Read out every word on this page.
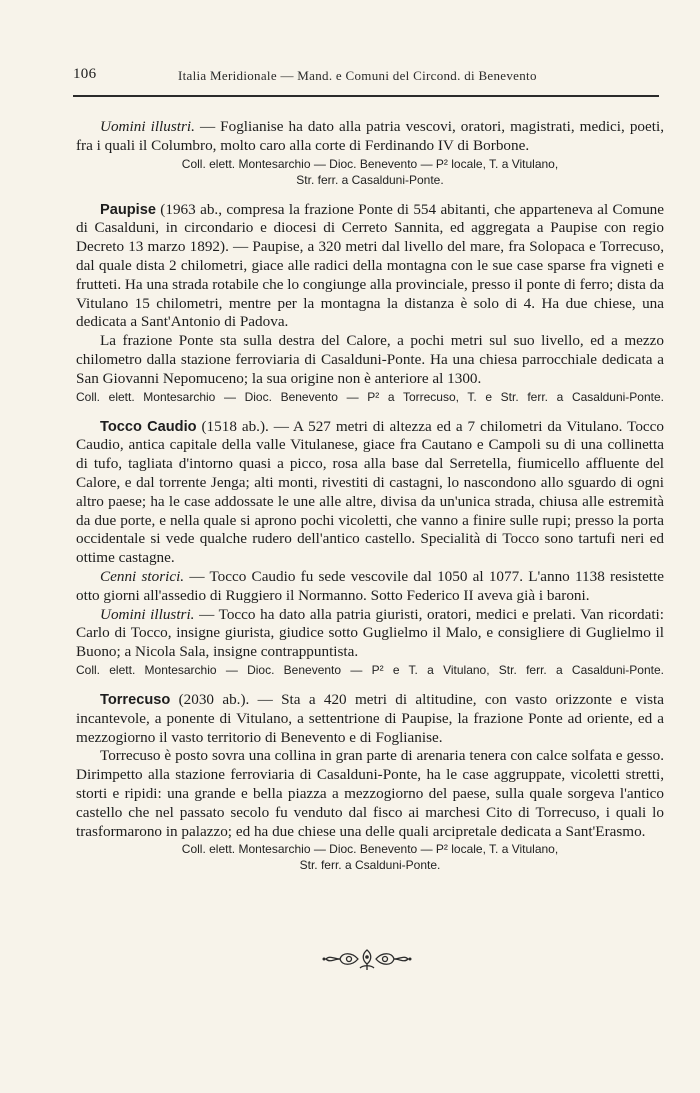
106	Italia Meridionale — Mand. e Comuni del Circond. di Benevento

Uomini illustri. — Foglianise ha dato alla patria vescovi, oratori, magistrati, medici, poeti, fra i quali il Columbro, molto caro alla corte di Ferdinando IV di Borbone.

Coll. elett. Montesarchio — Dioc. Benevento — P² locale, T. a Vitulano,
Str. ferr. a Casalduni-Ponte.

Paupise (1963 ab., compresa la frazione Ponte di 554 abitanti, che apparteneva al Comune di Casalduni, in circondario e diocesi di Cerreto Sannita, ed aggregata a Paupise con regio Decreto 13 marzo 1892). — Paupise, a 320 metri dal livello del mare, fra Solopaca e Torrecuso, dal quale dista 2 chilometri, giace alle radici della montagna con le sue case sparse fra vigneti e frutteti. Ha una strada rotabile che lo congiunge alla provinciale, presso il ponte di ferro; dista da Vitulano 15 chilometri, mentre per la montagna la distanza è solo di 4. Ha due chiese, una dedicata a Sant'Antonio di Padova.

La frazione Ponte sta sulla destra del Calore, a pochi metri sul suo livello, ed a mezzo chilometro dalla stazione ferroviaria di Casalduni-Ponte. Ha una chiesa parrocchiale dedicata a San Giovanni Nepomuceno; la sua origine non è anteriore al 1300.

Coll. elett. Montesarchio — Dioc. Benevento — P² a Torrecuso, T. e Str. ferr. a Casalduni-Ponte.

Tocco Caudio (1518 ab.). — A 527 metri di altezza ed a 7 chilometri da Vitulano. Tocco Caudio, antica capitale della valle Vitulanese, giace fra Cautano e Campoli su di una collinetta di tufo, tagliata d'intorno quasi a picco, rosa alla base dal Serretella, fiumicello affluente del Calore, e dal torrente Jenga; alti monti, rivestiti di castagni, lo nascondono allo sguardo di ogni altro paese; ha le case addossate le une alle altre, divisa da un'unica strada, chiusa alle estremità da due porte, e nella quale si aprono pochi vicoletti, che vanno a finire sulle rupi; presso la porta occidentale si vede qualche rudero dell'antico castello. Specialità di Tocco sono tartufi neri ed ottime castagne.

Cenni storici. — Tocco Caudio fu sede vescovile dal 1050 al 1077. L'anno 1138 resistette otto giorni all'assedio di Ruggiero il Normanno. Sotto Federico II aveva già i baroni.

Uomini illustri. — Tocco ha dato alla patria giuristi, oratori, medici e prelati. Van ricordati: Carlo di Tocco, insigne giurista, giudice sotto Guglielmo il Malo, e consigliere di Guglielmo il Buono; a Nicola Sala, insigne contrappuntista.

Coll. elett. Montesarchio — Dioc. Benevento — P² e T. a Vitulano, Str. ferr. a Casalduni-Ponte.

Torrecuso (2030 ab.). — Sta a 420 metri di altitudine, con vasto orizzonte e vista incantevole, a ponente di Vitulano, a settentrione di Paupise, la frazione Ponte ad oriente, ed a mezzogiorno il vasto territorio di Benevento e di Foglianise.

Torrecuso è posto sovra una collina in gran parte di arenaria tenera con calce solfata e gesso. Dirimpetto alla stazione ferroviaria di Casalduni-Ponte, ha le case aggruppate, vicoletti stretti, storti e ripidi: una grande e bella piazza a mezzogiorno del paese, sulla quale sorgeva l'antico castello che nel passato secolo fu venduto dal fisco ai marchesi Cito di Torrecuso, i quali lo trasformarono in palazzo; ed ha due chiese una delle quali arcipretale dedicata a Sant'Erasmo.

Coll. elett. Montesarchio — Dioc. Benevento — P² locale, T. a Vitulano,
Str. ferr. a Csalduni-Ponte.
